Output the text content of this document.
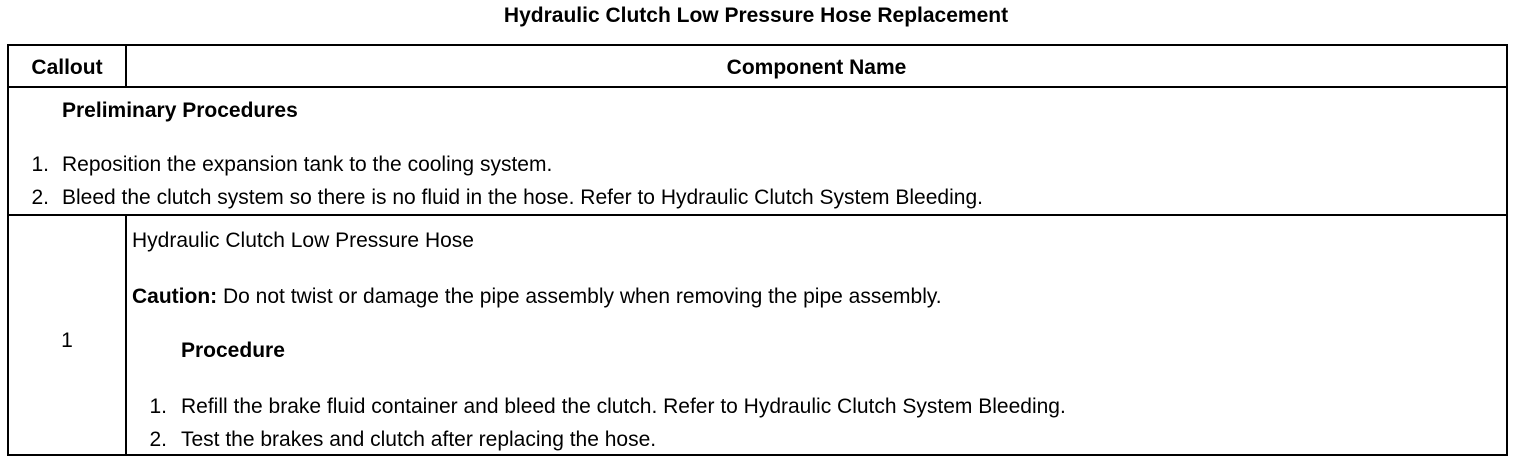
Hydraulic Clutch Low Pressure Hose Replacement
Callout	Component Name
Preliminary Procedures
1. Reposition the expansion tank to the cooling system.
2. Bleed the clutch system so there is no fluid in the hose. Refer to Hydraulic Clutch System Bleeding.
1
Hydraulic Clutch Low Pressure Hose
Caution: Do not twist or damage the pipe assembly when removing the pipe assembly.
Procedure
1. Refill the brake fluid container and bleed the clutch. Refer to Hydraulic Clutch System Bleeding.
2. Test the brakes and clutch after replacing the hose.
